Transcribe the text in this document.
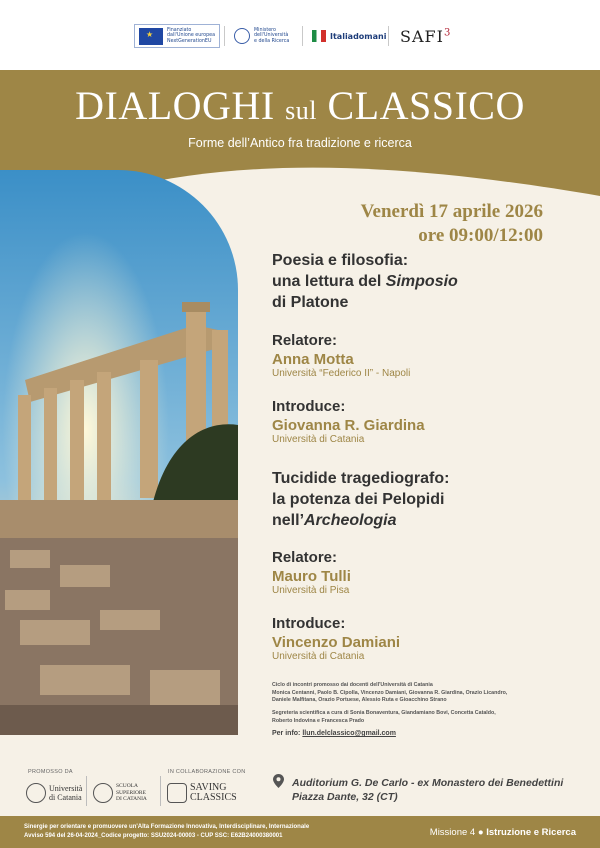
★
Finanziato
dall'Unione europea
NextGenerationEU
Ministero
dell'Università
e della Ricerca
Italiadomani SAFI$^3$
DIALOGHI sul CLASSICO
Forme dell’Antico fra tradizione e ricerca
Venerdì 17 aprile 2026
ore 09:00/12:00
Poesia e filosofia:
una lettura del Simposio
di Platone
Relatore:
Anna Motta
Università “Federico II” - Napoli
Introduce:
Giovanna R. Giardina
Università di Catania
Tucidide tragediografo:
la potenza dei Pelopidi
nell’Archeologia
Relatore:
Mauro Tulli
Università di Pisa
Introduce:
Vincenzo Damiani
Università di Catania
Ciclo di incontri promosso dai docenti dell'Università di Catania
Monica Centanni, Paolo B. Cipolla, Vincenzo Damiani, Giovanna R. Giardina, Orazio Licandro,
Daniele Malfitana, Orazio Portuese, Alessio Ruta e Gioacchino Strano
Segreteria scientifica a cura di Sonia Bonaventura, Giandamiano Bovi, Concetta Cataldo,
Roberto Indovina e Francesca Prado
Per info: llun.delclassico@gmail.com
PROMOSSO DA	IN COLLABORAZIONE CON
Università
di Catania
SCUOLA
SUPERIORE
DI CATANIA
SAVING
CLASSICS
Auditorium G. De Carlo - ex Monastero dei Benedettini
Piazza Dante, 32 (CT)
Sinergie per orientare e promuovere un'Alta Formazione Innovativa, Interdisciplinare, Internazionale
Avviso 594 del 26-04-2024_Codice progetto: SSU2024-00003 - CUP SSC: E62B24000380001	Missione 4 ● Istruzione e Ricerca
